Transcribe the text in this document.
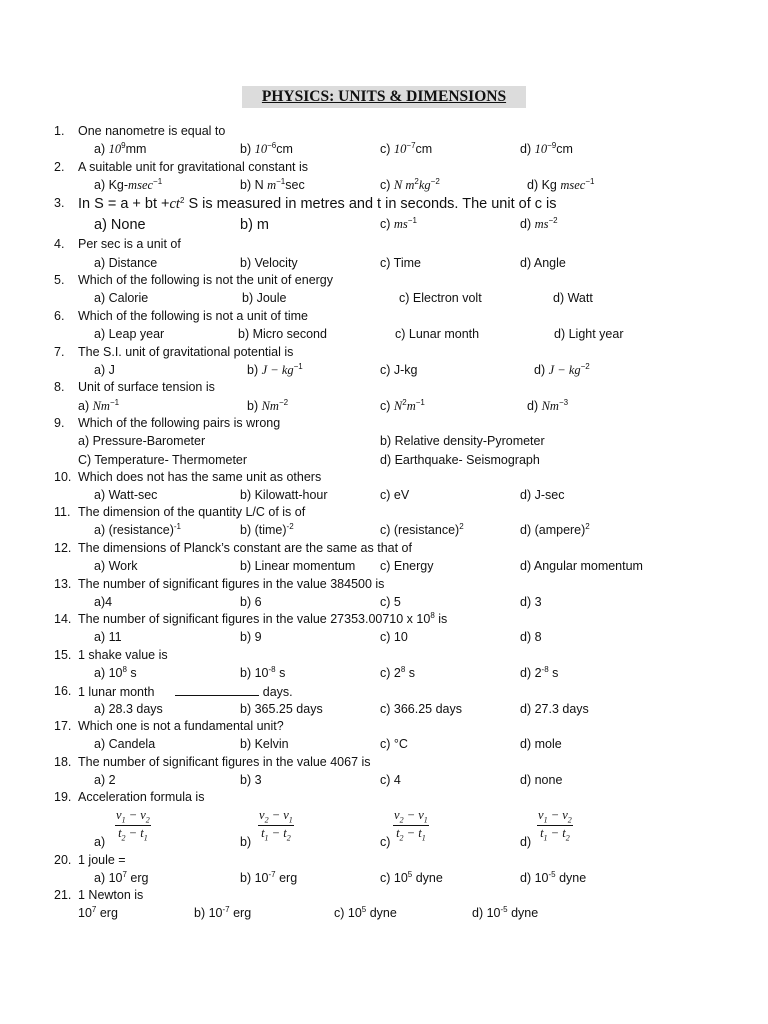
PHYSICS: UNITS & DIMENSIONS
1. One nanometre is equal to
a) $10^9mm$	b) $10^{-6}cm$	c) $10^{-7}cm$	d) $10^{-9}cm$
2. A suitable unit for gravitational constant is
a) Kg-msec$^{-1}$	b) N $m^{-1}\sec$	c) N $m^2kg^{-2}$	d) Kg msec$^{-1}$
3. In S = a + bt $+ct^2$ S is measured in metres and t in seconds. The unit of c is
a) None	b) m	c) $ms^{-1}$	d) $ms^{-2}$
4. Per sec is a unit of
a) Distance	b) Velocity	c) Time	d) Angle
5. Which of the following is not the unit of energy
a) Calorie	b) Joule	c) Electron volt	d) Watt
6. Which of the following is not a unit of time
a) Leap year	b) Micro second	c) Lunar month	d) Light year
7. The S.I. unit of gravitational potential is
a) J	b) $J - kg^{-1}$	c) J-kg	d) $J - kg^{-2}$
8. Unit of surface tension is
a) $Nm^{-1}$	b) $Nm^{-2}$	c) $N^2m^{-1}$	d) $Nm^{-3}$
9. Which of the following pairs is wrong
a) Pressure-Barometer	b) Relative density-Pyrometer
C) Temperature- Thermometer	d) Earthquake- Seismograph
10. Which does not has the same unit as others
a) Watt-sec	b) Kilowatt-hour	c) eV	d) J-sec
11. The dimension of the quantity L/C of is of
a) (resistance)$^{-1}$	b) (time)$^{-2}$	c) (resistance)$^2$	d) (ampere)$^2$
12. The dimensions of Planck’s constant are the same as that of
a) Work	b) Linear momentum c) Energy	d) Angular momentum
13. The number of significant figures in the value 384500 is
a)4	b) 6	c) 5	d) 3
14. The number of significant figures in the value 27353.00710 x $10^8$ is
a) 11	b) 9	c) 10	d) 8
15. 1 shake value is
a) $10^8$ s	b) $10^{-8}$ s	c) $2^8$ s	d) $2^{-8}$ s
16. 1 lunar month	days.
a) 28.3 days	b) 365.25 days	c) 366.25 days	d) 27.3 days
17. Which one is not a fundamental unit?
a) Candela	b) Kelvin	c) °C	d) mole
18. The number of significant figures in the value 4067 is
a) 2	b) 3	c) 4	d) none
19. Acceleration formula is
$a) \frac{v_1 - v_2}{t_2 - t_1}$	$b) \frac{v_2 - v_1}{t_1 - t_2}$	$c) \frac{v_2 - v_1}{t_2 - t_1}$	$d) \frac{v_1 - v_2}{t_1 - t_2}$
20. 1 joule =
a) $10^7$ erg	b) $10^{-7}$ erg	c) $10^5$ dyne	d) $10^{-5}$ dyne
21. 1 Newton is
$10^7$ erg	b) $10^{-7}$ erg	c) $10^5$ dyne	d) $10^{-5}$ dyne
